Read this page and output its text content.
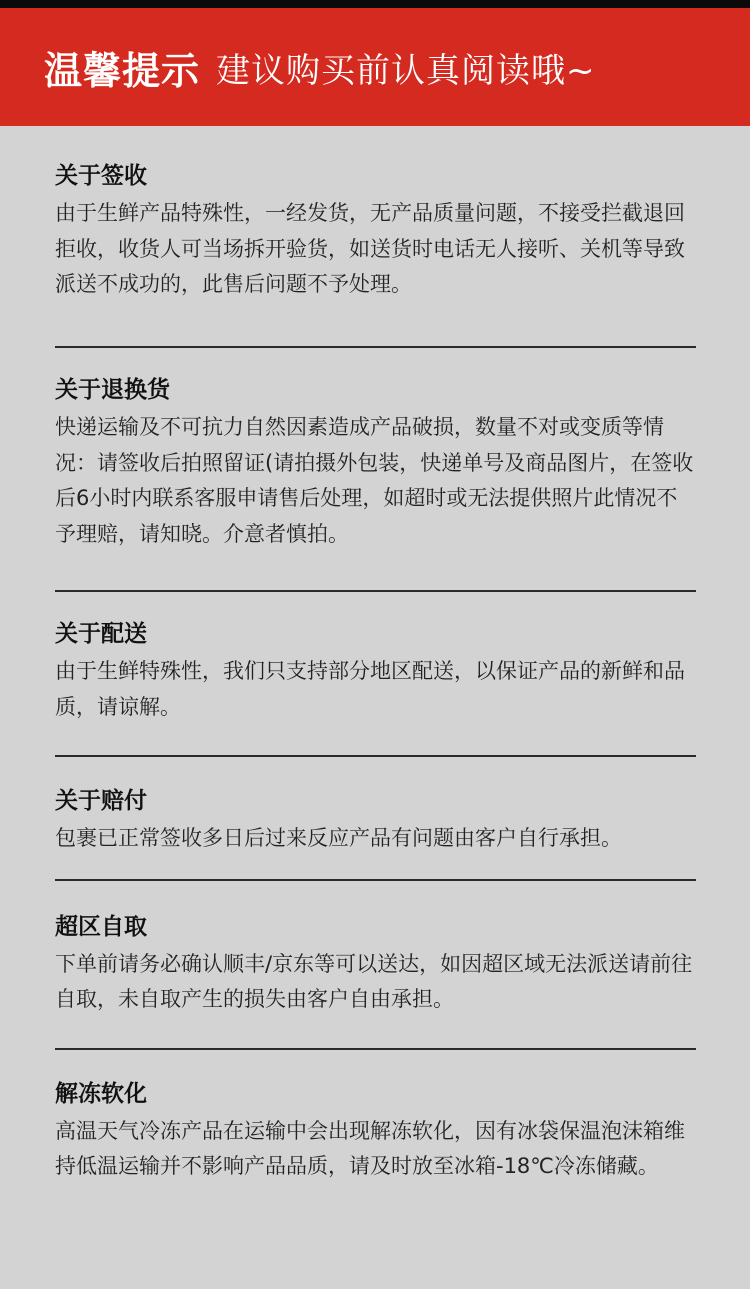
温馨提示 建议购买前认真阅读哦~
关于签收

由于生鲜产品特殊性，一经发货，无产品质量问题，不接受拦截退回拒收，收货人可当场拆开验货，如送货时电话无人接听、关机等导致派送不成功的，此售后问题不予处理。

关于退换货

快递运输及不可抗力自然因素造成产品破损，数量不对或变质等情况：请签收后拍照留证(请拍摄外包装，快递单号及商品图片，在签收后6小时内联系客服申请售后处理，如超时或无法提供照片此情况不予理赔，请知晓。介意者慎拍。

关于配送

由于生鲜特殊性，我们只支持部分地区配送，以保证产品的新鲜和品质，请谅解。

关于赔付

包裹已正常签收多日后过来反应产品有问题由客户自行承担。

超区自取

下单前请务必确认顺丰/京东等可以送达，如因超区域无法派送请前往自取，未自取产生的损失由客户自由承担。

解冻软化

高温天气冷冻产品在运输中会出现解冻软化，因有冰袋保温泡沫箱维持低温运输并不影响产品品质，请及时放至冰箱-18℃冷冻储藏。
